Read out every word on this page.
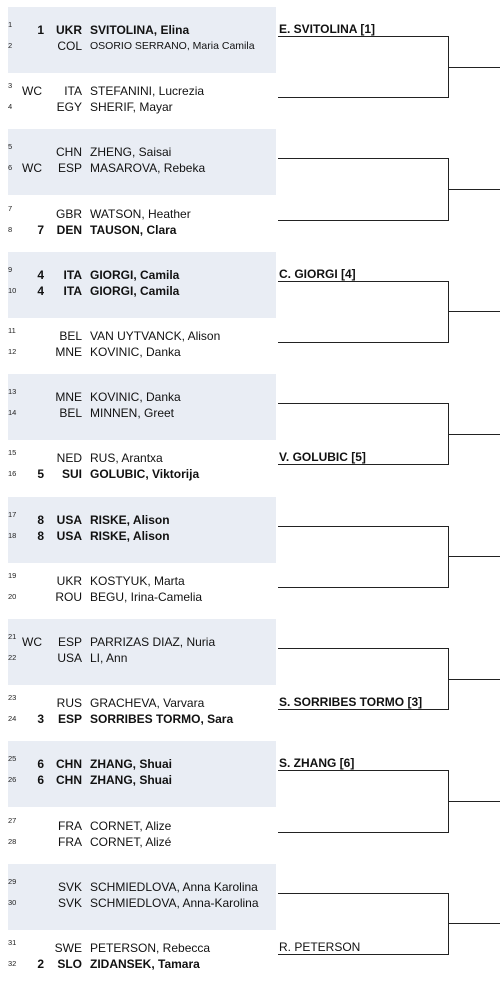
1	1	UKR SVITOLINA, Elina
2	COL OSORIO SERRANO, Maria Camila
3 WC	ITA STEFANINI, Lucrezia
4	EGY SHERIF, Mayar
5	CHN ZHENG, Saisai
6 WC	ESP MASAROVA, Rebeka
7	GBR WATSON, Heather
8	7	DEN TAUSON, Clara
9	4	ITA GIORGI, Camila
10	4	ITA GIORGI, Camila
11	BEL VAN UYTVANCK, Alison
12	MNE KOVINIC, Danka
13	MNE KOVINIC, Danka
14	BEL MINNEN, Greet
15	NED RUS, Arantxa
16	5	SUI GOLUBIC, Viktorija
17	8	USA RISKE, Alison
18	8	USA RISKE, Alison
19	UKR KOSTYUK, Marta
20	ROU BEGU, Irina-Camelia
21 WC	ESP PARRIZAS DIAZ, Nuria
22	USA LI, Ann
23	RUS GRACHEVA, Varvara
24	3	ESP SORRIBES TORMO, Sara
25	6	CHN ZHANG, Shuai
26	6	CHN ZHANG, Shuai
27	FRA CORNET, Alize
28	FRA CORNET, Alizé
29	SVK SCHMIEDLOVA, Anna Karolina
30	SVK SCHMIEDLOVA, Anna-Karolina
31	SWE PETERSON, Rebecca
32	2	SLO ZIDANSEK, Tamara
E. SVITOLINA [1]
C. GIORGI [4]
V. GOLUBIC [5]
S. SORRIBES TORMO [3]
S. ZHANG [6]
R. PETERSON
